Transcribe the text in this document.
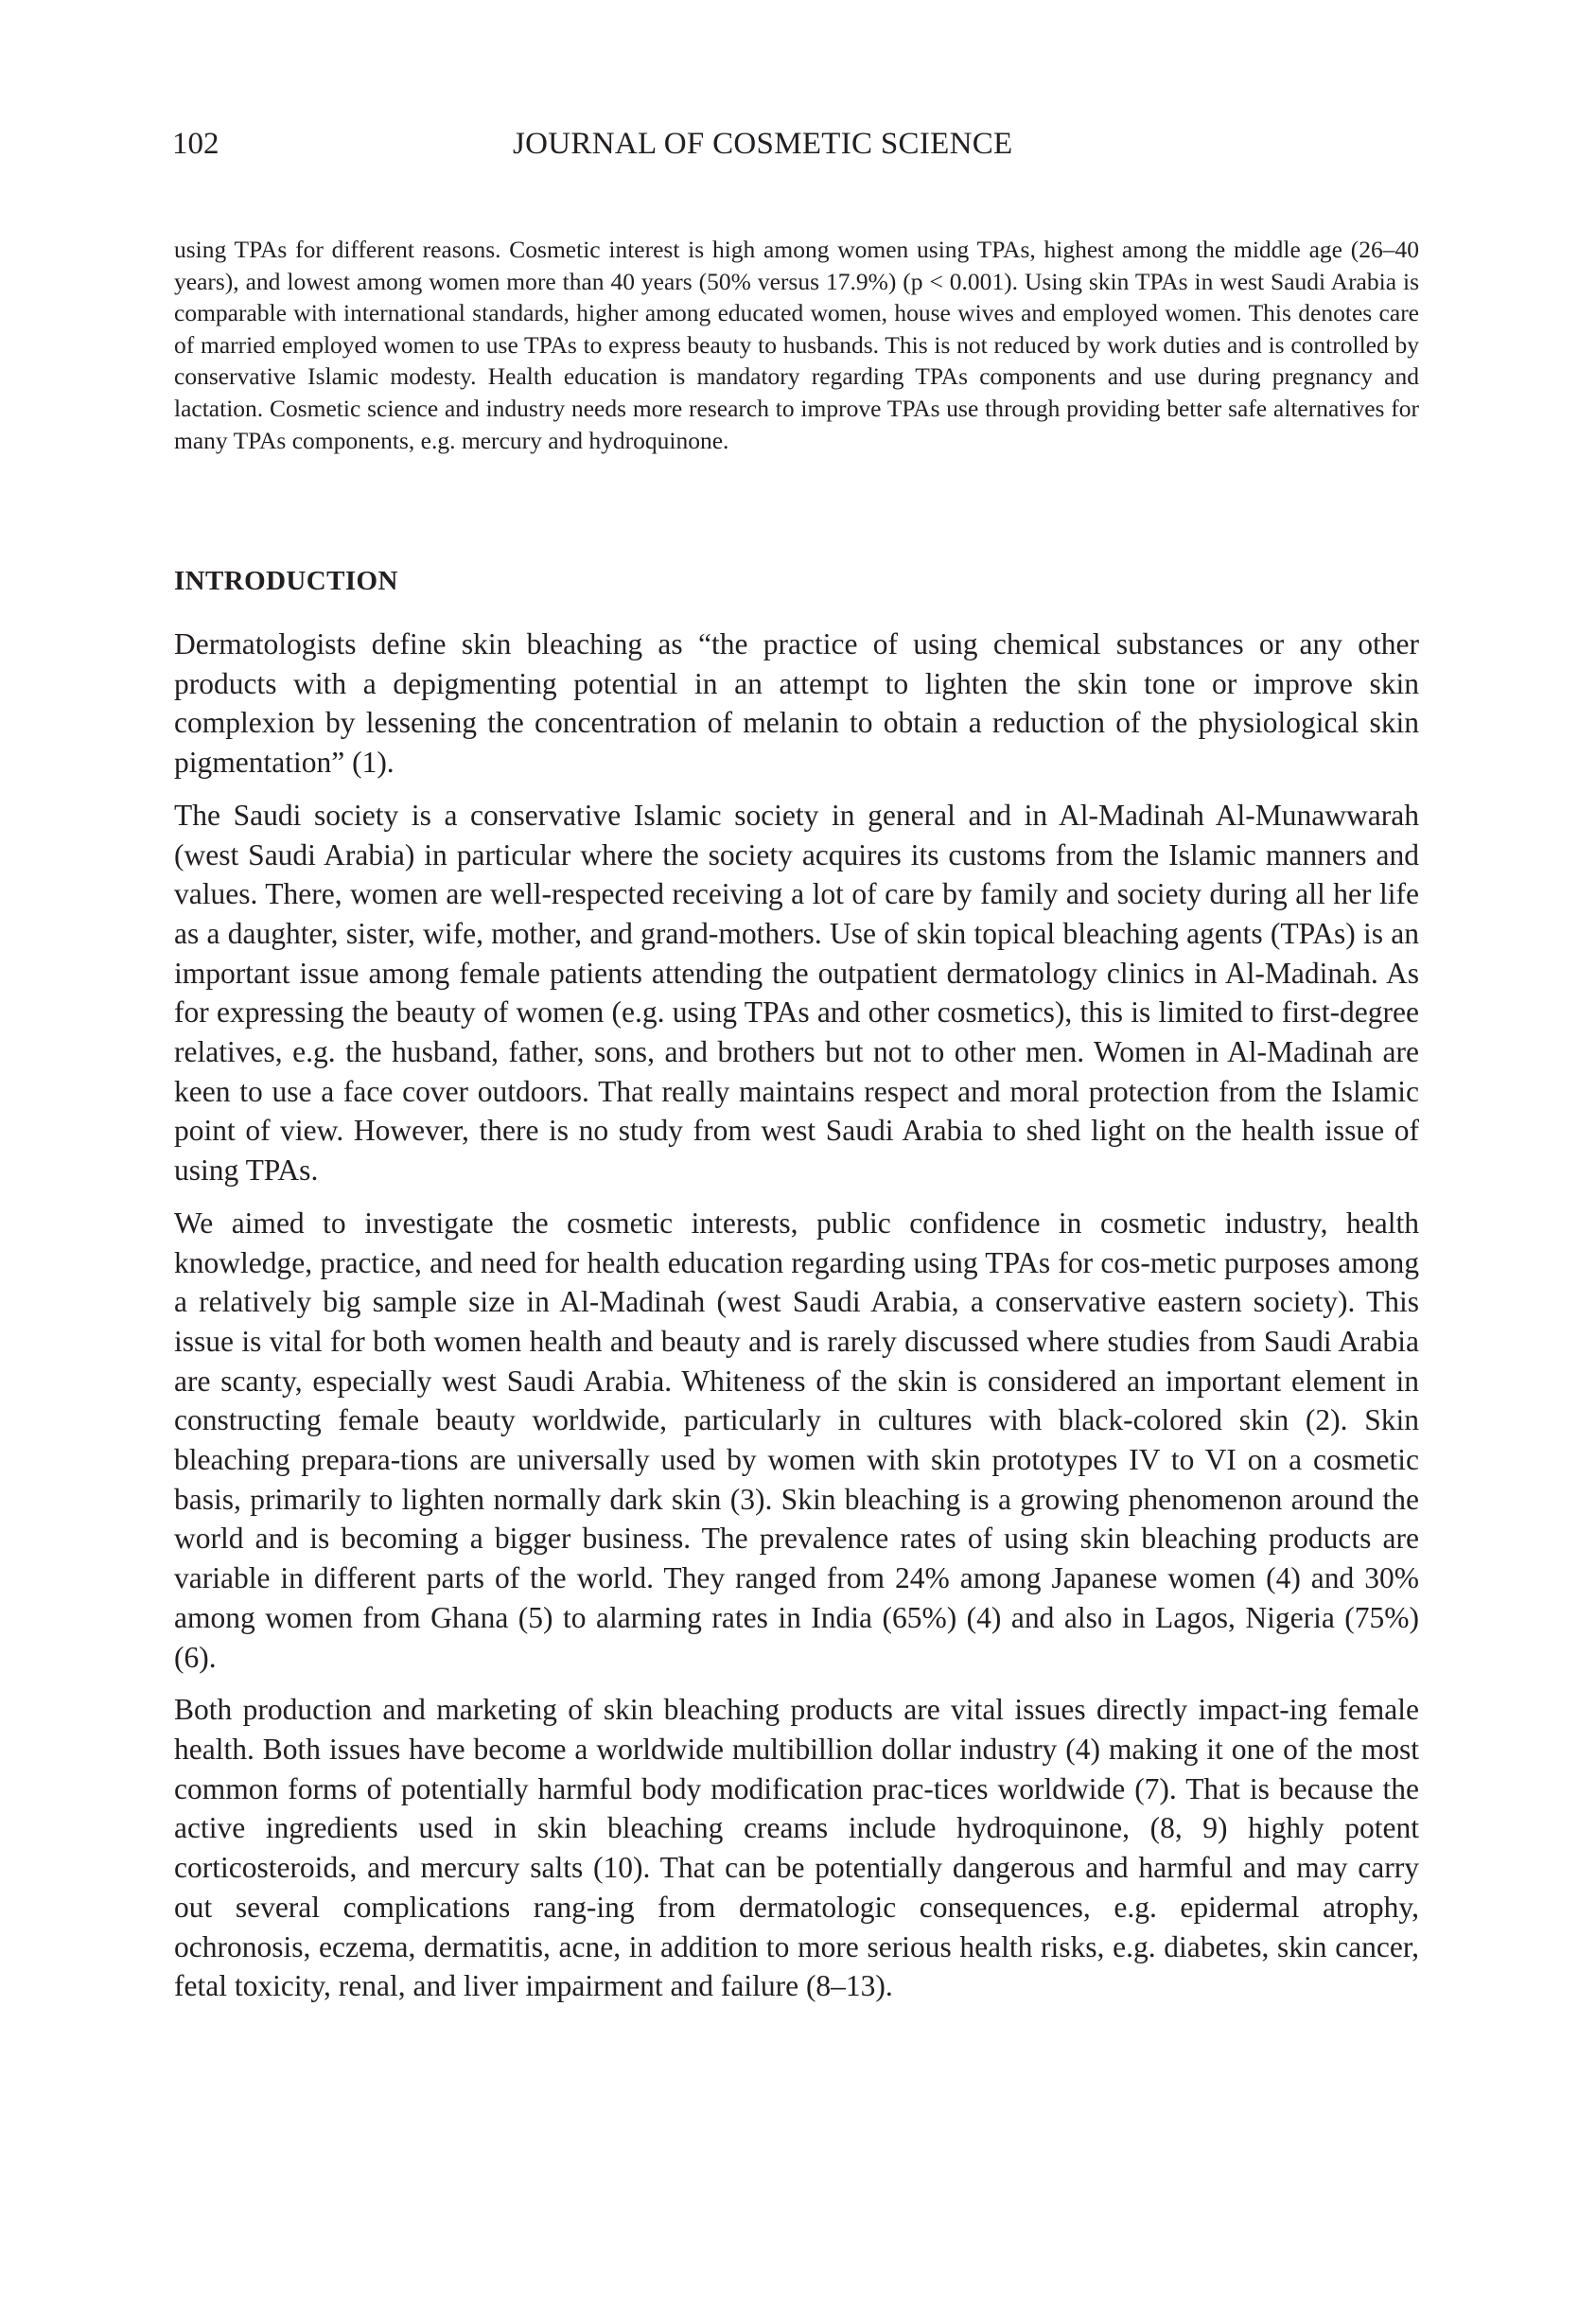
102	JOURNAL OF COSMETIC SCIENCE

using TPAs for different reasons. Cosmetic interest is high among women using TPAs, highest among the middle age (26–40 years), and lowest among women more than 40 years (50% versus 17.9%) (p < 0.001). Using skin TPAs in west Saudi Arabia is comparable with international standards, higher among educated women, house wives and employed women. This denotes care of married employed women to use TPAs to express beauty to husbands. This is not reduced by work duties and is controlled by conservative Islamic modesty. Health education is mandatory regarding TPAs components and use during pregnancy and lactation. Cosmetic science and industry needs more research to improve TPAs use through providing better safe alternatives for many TPAs components, e.g. mercury and hydroquinone.

INTRODUCTION

Dermatologists define skin bleaching as “the practice of using chemical substances or any other products with a depigmenting potential in an attempt to lighten the skin tone or improve skin complexion by lessening the concentration of melanin to obtain a reduction of the physiological skin pigmentation” (1).

The Saudi society is a conservative Islamic society in general and in Al-Madinah Al-Munawwarah (west Saudi Arabia) in particular where the society acquires its customs from the Islamic manners and values. There, women are well-respected receiving a lot of care by family and society during all her life as a daughter, sister, wife, mother, and grand-mothers. Use of skin topical bleaching agents (TPAs) is an important issue among female patients attending the outpatient dermatology clinics in Al-Madinah. As for expressing the beauty of women (e.g. using TPAs and other cosmetics), this is limited to first-degree relatives, e.g. the husband, father, sons, and brothers but not to other men. Women in Al-Madinah are keen to use a face cover outdoors. That really maintains respect and moral protection from the Islamic point of view. However, there is no study from west Saudi Arabia to shed light on the health issue of using TPAs.

We aimed to investigate the cosmetic interests, public confidence in cosmetic industry, health knowledge, practice, and need for health education regarding using TPAs for cos-metic purposes among a relatively big sample size in Al-Madinah (west Saudi Arabia, a conservative eastern society). This issue is vital for both women health and beauty and is rarely discussed where studies from Saudi Arabia are scanty, especially west Saudi Arabia. Whiteness of the skin is considered an important element in constructing female beauty worldwide, particularly in cultures with black-colored skin (2). Skin bleaching prepara-tions are universally used by women with skin prototypes IV to VI on a cosmetic basis, primarily to lighten normally dark skin (3). Skin bleaching is a growing phenomenon around the world and is becoming a bigger business. The prevalence rates of using skin bleaching products are variable in different parts of the world. They ranged from 24% among Japanese women (4) and 30% among women from Ghana (5) to alarming rates in India (65%) (4) and also in Lagos, Nigeria (75%) (6).

Both production and marketing of skin bleaching products are vital issues directly impact-ing female health. Both issues have become a worldwide multibillion dollar industry (4) making it one of the most common forms of potentially harmful body modification prac-tices worldwide (7). That is because the active ingredients used in skin bleaching creams include hydroquinone, (8, 9) highly potent corticosteroids, and mercury salts (10). That can be potentially dangerous and harmful and may carry out several complications rang-ing from dermatologic consequences, e.g. epidermal atrophy, ochronosis, eczema, dermatitis, acne, in addition to more serious health risks, e.g. diabetes, skin cancer, fetal toxicity, renal, and liver impairment and failure (8–13).
